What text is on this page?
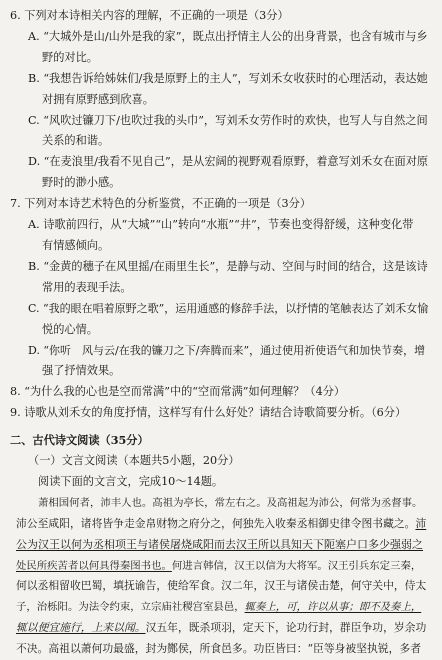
6. 下列对本诗相关内容的理解，不正确的一项是（3分）
A. “大城外是山/山外是我的家”，既点出抒情主人公的出身背景，也含有城市与乡
野的对比。
B. “我想告诉给姊妹们/我是原野上的主人”，写刘禾女收获时的心理活动，表达她
对拥有原野感到欣喜。
C. “风吹过镰刀下/也吹过我的头巾”，写刘禾女劳作时的欢快，也写人与自然之间
关系的和谐。
D. “在麦浪里/我看不见自己”，是从宏阔的视野观看原野，着意写刘禾女在面对原
野时的渺小感。
7. 下列对本诗艺术特色的分析鉴赏，不正确的一项是（3分）
A. 诗歌前四行，从“大城”“山”转向“水瓶”“井”，节奏也变得舒缓，这种变化带
有情感倾向。
B. “金黄的穗子在风里摇/在雨里生长”，是静与动、空间与时间的结合，这是该诗
常用的表现手法。
C. “我的眼在唱着原野之歌”，运用通感的修辞手法，以抒情的笔触表达了刘禾女愉
悦的心情。
D. “你听　风与云/在我的镰刀之下/奔腾而来”，通过使用祈使语气和加快节奏，增
强了抒情效果。
8. “为什么我的心也是空而常满”中的“空而常满”如何理解？（4分）
9. 诗歌从刘禾女的角度抒情，这样写有什么好处？请结合诗歌简要分析。（6分）
二、古代诗文阅读（35分）
（一）文言文阅读（本题共5小题，20分）
阅读下面的文言文，完成10～14题。
萧相国何者，沛丰人也。高祖为亭长，常左右之。及高祖起为沛公，何常为丞督事。
沛公至咸阳，诸将皆争走金帛财物之府分之，何独先入收秦丞相御史律令图书藏之。沛
公为汉王以何为丞相项王与诸侯屠烧咸阳而去汉王所以具知天下阨塞户口多少强弱之
处民所疾苦者以何具得秦图书也。何进言韩信，汉王以信为大将军。汉王引兵东定三秦，
何以丞相留收巴蜀，填抚谕告，使给军食。汉二年，汉王与诸侯击楚，何守关中，侍太
子，治栎阳。为法令约束，立宗庙社稷宫室县邑，辄奏上，可，许以从事；即不及奏上，
辄以便宜施行，上来以闻。汉五年，既杀项羽，定天下，论功行封，群臣争功，岁余功
不决。高祖以萧何功最盛，封为酂侯，所食邑多。功臣皆曰：“臣等身被坚执锐，多者
